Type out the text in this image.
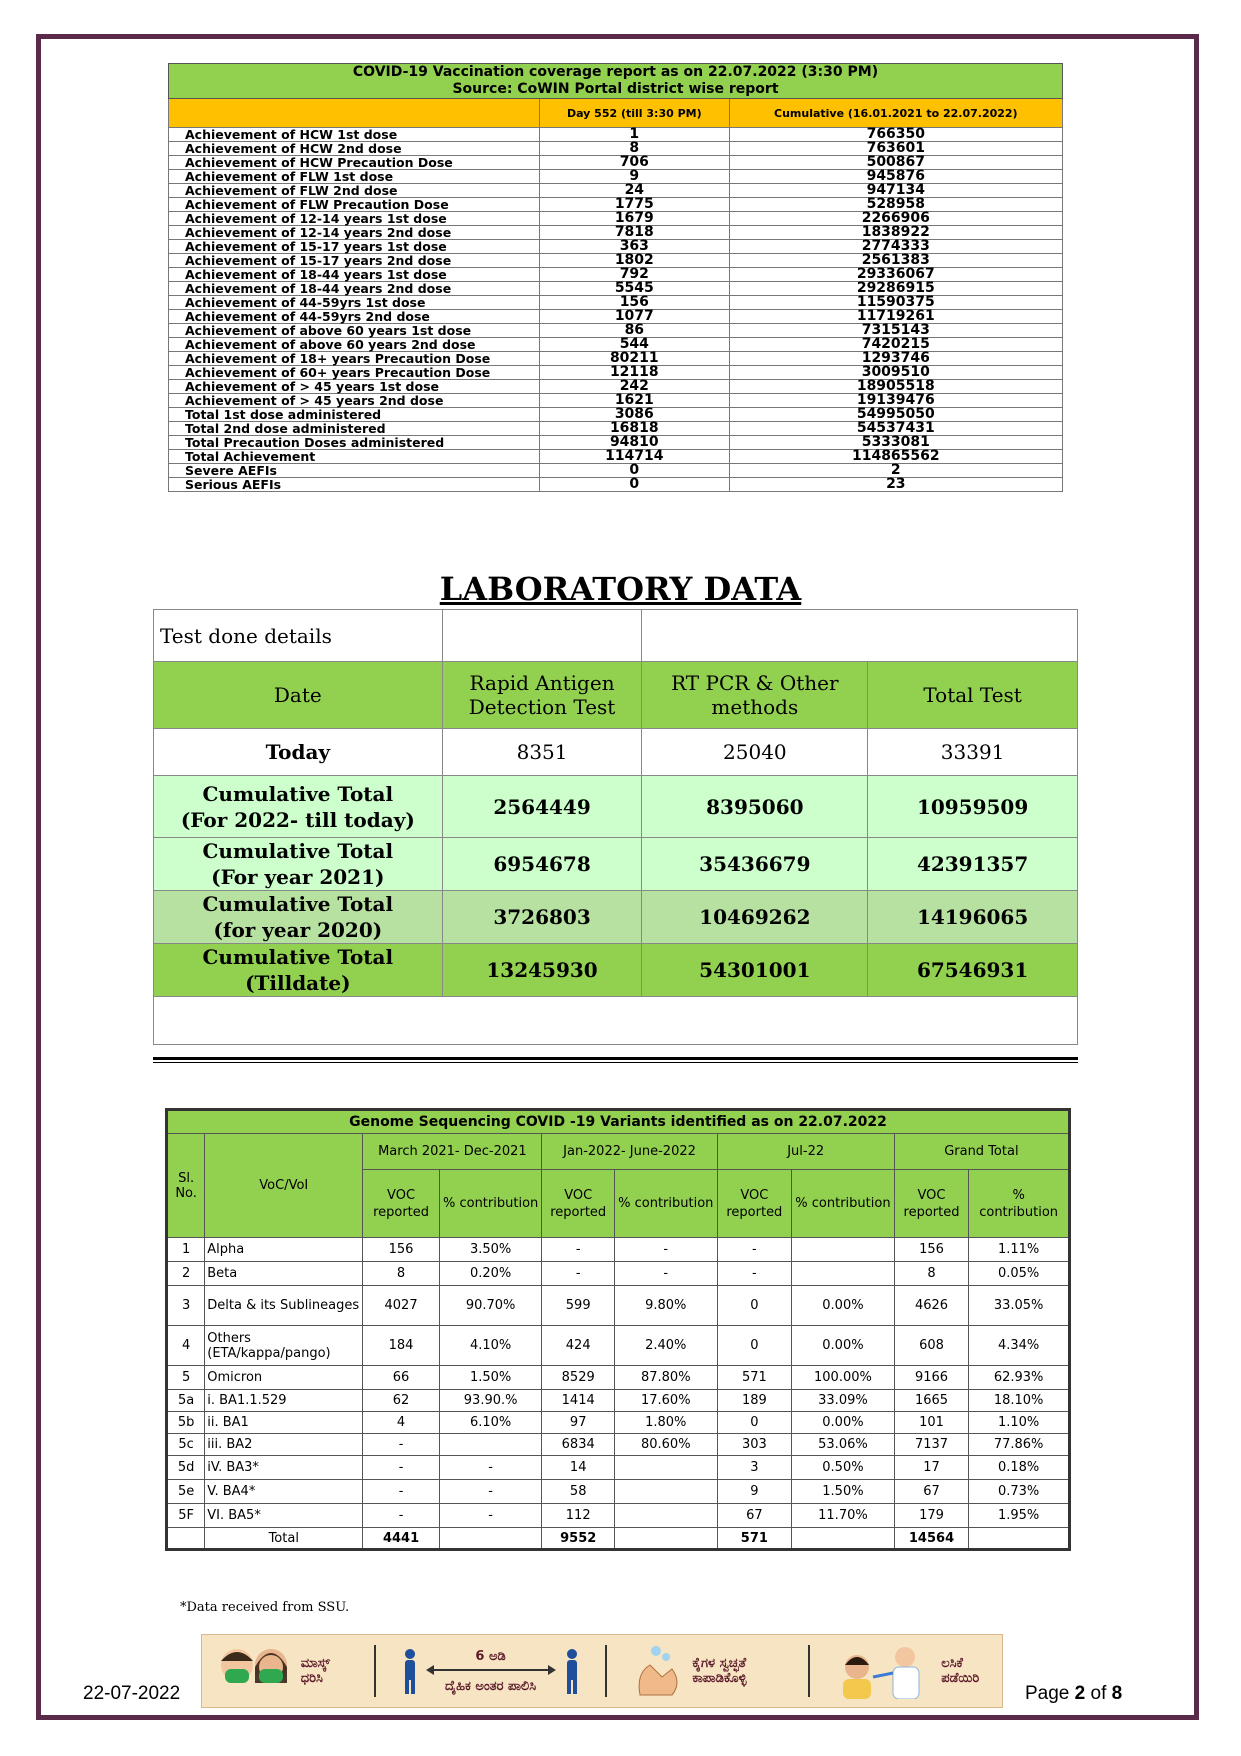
COVID-19 Vaccination coverage report as on 22.07.2022 (3:30 PM)
Source: CoWIN Portal district wise report		

	Day 552 (till 3:30 PM)	Cumulative (16.01.2021 to 22.07.2022)
Achievement of HCW 1st dose	1	766350
Achievement of HCW 2nd dose	8	763601
Achievement of HCW Precaution Dose	706	500867
Achievement of FLW 1st dose	9	945876
Achievement of FLW 2nd dose	24	947134
Achievement of FLW Precaution Dose	1775	528958
Achievement of 12-14 years 1st dose	1679	2266906
Achievement of 12-14 years 2nd dose	7818	1838922
Achievement of 15-17 years 1st dose	363	2774333
Achievement of 15-17 years 2nd dose	1802	2561383
Achievement of 18-44 years 1st dose	792	29336067
Achievement of 18-44 years 2nd dose	5545	29286915
Achievement of 44-59yrs 1st dose	156	11590375
Achievement of 44-59yrs 2nd dose	1077	11719261
Achievement of above 60 years 1st dose	86	7315143
Achievement of above 60 years 2nd dose	544	7420215
Achievement of 18+ years Precaution Dose	80211	1293746
Achievement of 60+ years Precaution Dose	12118	3009510
Achievement of > 45 years 1st dose	242	18905518
Achievement of > 45 years 2nd dose	1621	19139476
Total 1st dose administered	3086	54995050
Total 2nd dose administered	16818	54537431
Total Precaution Doses administered	94810	5333081
Total Achievement	114714	114865562
Severe AEFIs	0	2
Serious AEFIs	0	23
LABORATORY DATA
Test done details			
Date	Rapid Antigen Detection Test	RT PCR & Other methods	Total Test

Today	8351	25040	33391

Cumulative Total
(For 2022- till today)	2564449	8395060	10959509

Cumulative Total
(For year 2021)	6954678	35436679	42391357

Cumulative Total
(for year 2020)	3726803	10469262	14196065

Cumulative Total
(Tilldate)	13245930	54301001	67546931

Genome Sequencing COVID -19 Variants identified as on 22.07.2022									
Sl. No.	VoC/VoI	March 2021- Dec-2021		Jan-2022- June-2022		Jul-22		Grand Total	
		VOC reported	% contribution	VOC reported	% contribution	VOC reported	% contribution	VOC reported	% contribution
1	Alpha	156	3.50%	-	-	-		156	1.11%
2	Beta	8	0.20%	-	-	-		8	0.05%
3	Delta & its Sublineages	4027	90.70%	599	9.80%	0	0.00%	4626	33.05%
4	Others (ETA/kappa/pango)	184	4.10%	424	2.40%	0	0.00%	608	4.34%
5	Omicron	66	1.50%	8529	87.80%	571	100.00%	9166	62.93%
5a	i. BA1.1.529	62	93.90.%	1414	17.60%	189	33.09%	1665	18.10%
5b	ii. BA1	4	6.10%	97	1.80%	0	0.00%	101	1.10%
5c	iii. BA2	-		6834	80.60%	303	53.06%	7137	77.86%
5d	iV. BA3*	-	-	14		3	0.50%	17	0.18%
5e	V. BA4*	-	-	58		9	1.50%	67	0.73%
5F	VI. BA5*	-	-	112		67	11.70%	179	1.95%
	Total	4441		9552		571		14564	
*Data received from SSU.
ಮಾಸ್ಕ್ ಧರಿಸಿ
6 ಅಡಿ
ದೈಹಿಕ ಅಂತರ ಪಾಲಿಸಿ
ಕೈಗಳ ಸ್ವಚ್ಛತೆ ಕಾಪಾಡಿಕೊಳ್ಳಿ
ಲಸಿಕೆ ಪಡೆಯಿರಿ
22-07-2022	Page 2 of 8
